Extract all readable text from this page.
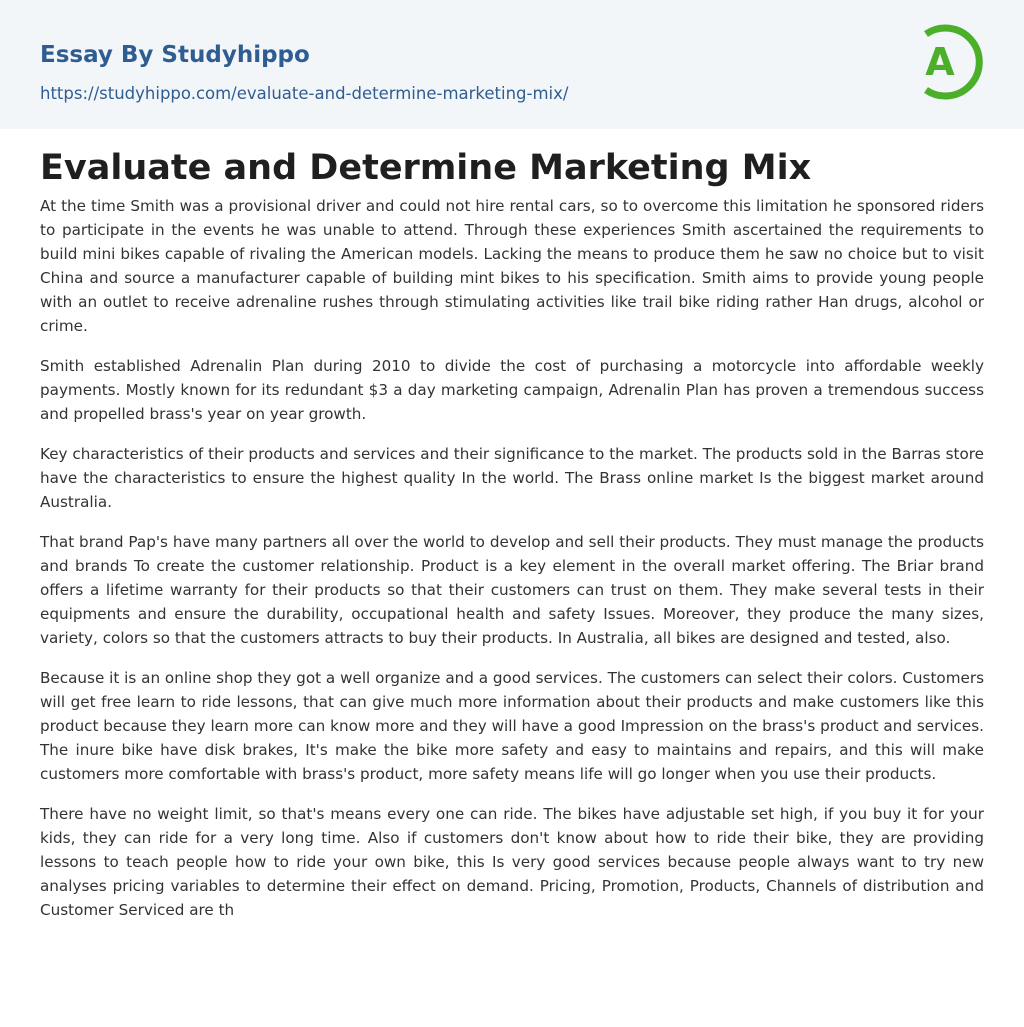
Essay By Studyhippo
https://studyhippo.com/evaluate-and-determine-marketing-mix/
A
Evaluate and Determine Marketing Mix

At the time Smith was a provisional driver and could not hire rental cars, so to overcome this limitation he sponsored riders to participate in the events he was unable to attend. Through these experiences Smith ascertained the requirements to build mini bikes capable of rivaling the American models. Lacking the means to produce them he saw no choice but to visit China and source a manufacturer capable of building mint bikes to his specification. Smith aims to provide young people with an outlet to receive adrenaline rushes through stimulating activities like trail bike riding rather Han drugs, alcohol or crime.

Smith established Adrenalin Plan during 2010 to divide the cost of purchasing a motorcycle into affordable weekly payments. Mostly known for its redundant $3 a day marketing campaign, Adrenalin Plan has proven a tremendous success and propelled brass's year on year growth.

Key characteristics of their products and services and their significance to the market. The products sold in the Barras store have the characteristics to ensure the highest quality In the world. The Brass online market Is the biggest market around Australia.

That brand Pap's have many partners all over the world to develop and sell their products. They must manage the products and brands To create the customer relationship. Product is a key element in the overall market offering. The Briar brand offers a lifetime warranty for their products so that their customers can trust on them. They make several tests in their equipments and ensure the durability, occupational health and safety Issues. Moreover, they produce the many sizes, variety, colors so that the customers attracts to buy their products. In Australia, all bikes are designed and tested, also.

Because it is an online shop they got a well organize and a good services. The customers can select their colors. Customers will get free learn to ride lessons, that can give much more information about their products and make customers like this product because they learn more can know more and they will have a good Impression on the brass's product and services. The inure bike have disk brakes, It's make the bike more safety and easy to maintains and repairs, and this will make customers more comfortable with brass's product, more safety means life will go longer when you use their products.

There have no weight limit, so that's means every one can ride. The bikes have adjustable set high, if you buy it for your kids, they can ride for a very long time. Also if customers don't know about how to ride their bike, they are providing lessons to teach people how to ride your own bike, this Is very good services because people always want to try new analyses pricing variables to determine their effect on demand. Pricing, Promotion, Products, Channels of distribution and Customer Serviced are th
